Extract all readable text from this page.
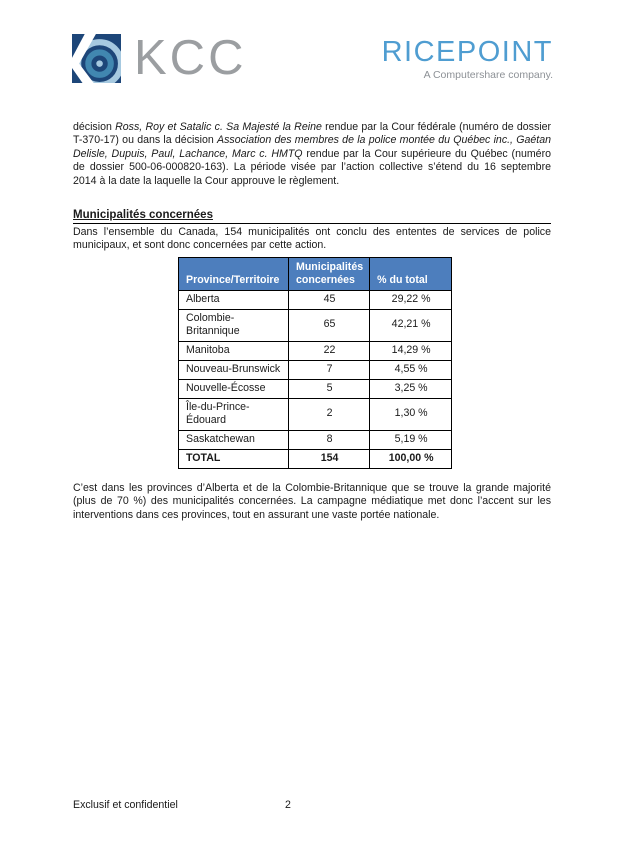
KCC	RICEPOINT
A Computershare company.

décision Ross, Roy et Satalic c. Sa Majesté la Reine rendue par la Cour fédérale (numéro de dossier T-370-17) ou dans la décision Association des membres de la police montée du Québec inc., Gaétan Delisle, Dupuis, Paul, Lachance, Marc c. HMTQ rendue par la Cour supérieure du Québec (numéro de dossier 500-06-000820-163). La période visée par l’action collective s’étend du 16 septembre 2014 à la date la laquelle la Cour approuve le règlement.

Municipalités concernées

Dans l’ensemble du Canada, 154 municipalités ont conclu des ententes de services de police municipaux, et sont donc concernées par cette action.

Province/Territoire	Municipalités concernées	% du total
Alberta	45	29,22 %
Colombie-Britannique	65	42,21 %
Manitoba	22	14,29 %
Nouveau-Brunswick	7	4,55 %
Nouvelle-Écosse	5	3,25 %
Île-du-Prince-Édouard	2	1,30 %
Saskatchewan	8	5,19 %
TOTAL	154	100,00 %

C’est dans les provinces d’Alberta et de la Colombie-Britannique que se trouve la grande majorité (plus de 70 %) des municipalités concernées. La campagne médiatique met donc l’accent sur les interventions dans ces provinces, tout en assurant une vaste portée nationale.

Exclusif et confidentiel	2
